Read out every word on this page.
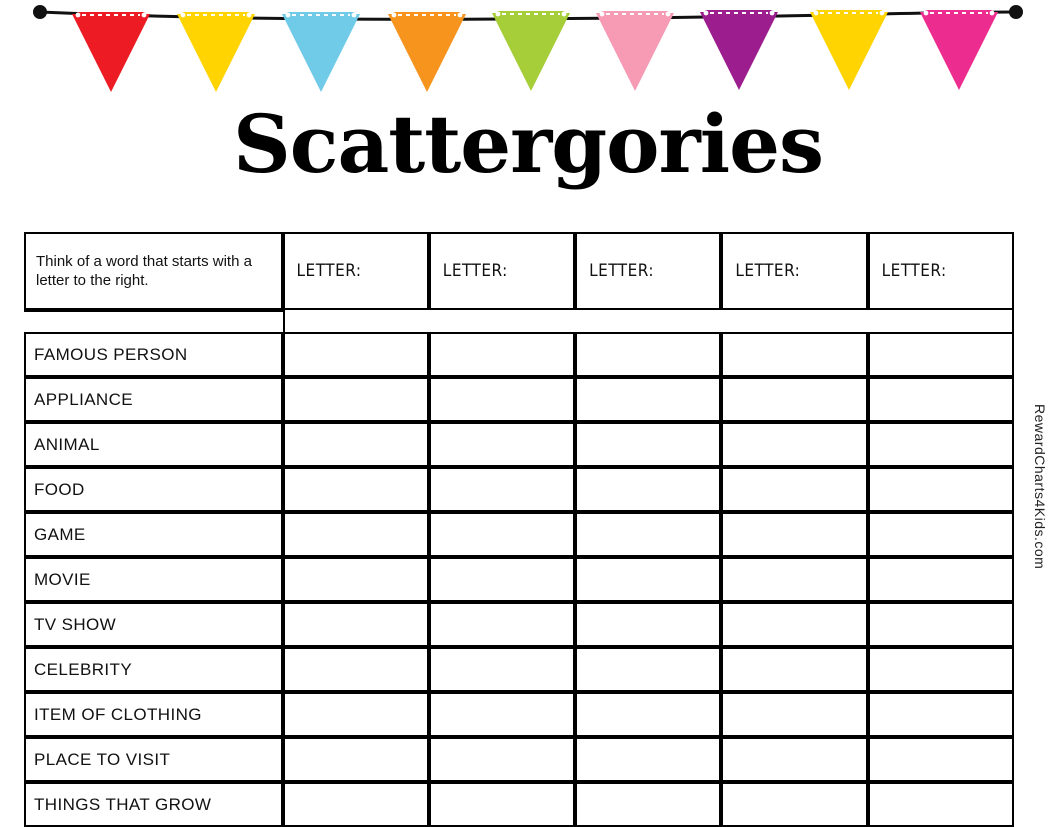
Scattergories
Think of a word that starts with a letter to the right.	LETTER:	LETTER:	LETTER:	LETTER:	LETTER:

FAMOUS PERSON					
APPLIANCE					
ANIMAL					
FOOD					
GAME					
MOVIE					
TV SHOW					
CELEBRITY					
ITEM OF CLOTHING					
PLACE TO VISIT					
THINGS THAT GROW					
RewardCharts4Kids.com
